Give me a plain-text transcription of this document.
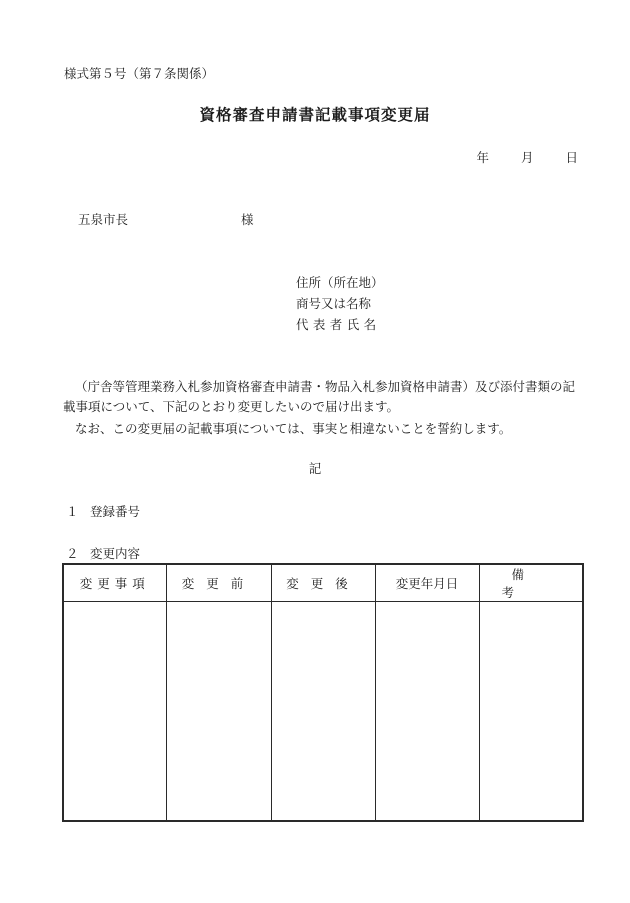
様式第５号（第７条関係）
資格審査申請書記載事項変更届
年	月	日
五泉市長	様
住所（所在地）
商号又は名称
代表者氏名
（庁舎等管理業務入札参加資格審査申請書・物品入札参加資格申請書）及び添付書類の記載事項について、下記のとおり変更したいので届け出ます。
なお、この変更届の記載事項については、事実と相違ないことを誓約します。
記
１ 登録番号
２ 変更内容
変更事項	変更前	変更後	変更年月日	備考
